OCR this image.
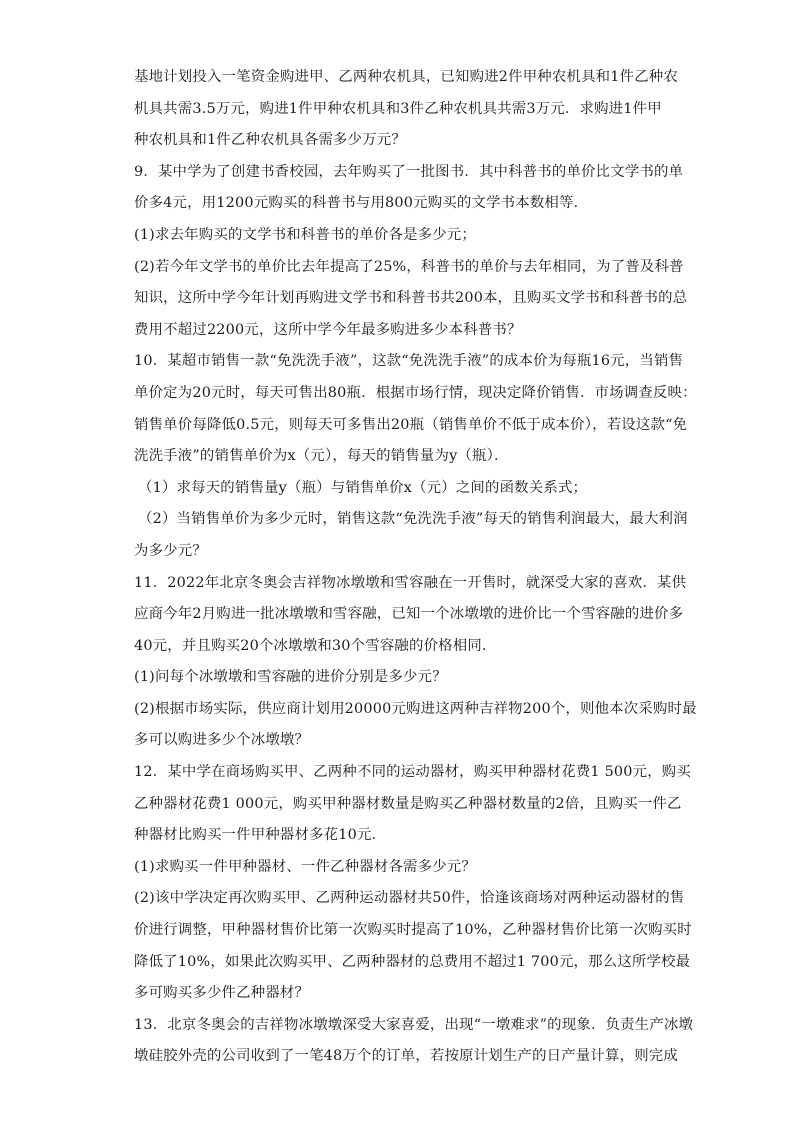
基地计划投入一笔资金购进甲、乙两种农机具，已知购进2件甲种农机具和1件乙种农
机具共需3.5万元，购进1件甲种农机具和3件乙种农机具共需3万元．求购进1件甲
种农机具和1件乙种农机具各需多少万元？
9．某中学为了创建书香校园，去年购买了一批图书．其中科普书的单价比文学书的单
价多4元，用1200元购买的科普书与用800元购买的文学书本数相等．
(1)求去年购买的文学书和科普书的单价各是多少元；
(2)若今年文学书的单价比去年提高了25%，科普书的单价与去年相同，为了普及科普
知识，这所中学今年计划再购进文学书和科普书共200本，且购买文学书和科普书的总
费用不超过2200元，这所中学今年最多购进多少本科普书？
10．某超市销售一款“免洗洗手液”，这款“免洗洗手液”的成本价为每瓶16元，当销售
单价定为20元时，每天可售出80瓶．根据市场行情，现决定降价销售．市场调查反映：
销售单价每降低0.5元，则每天可多售出20瓶（销售单价不低于成本价），若设这款“免
洗洗手液”的销售单价为x（元），每天的销售量为y（瓶）．
（1）求每天的销售量y（瓶）与销售单价x（元）之间的函数关系式；
（2）当销售单价为多少元时，销售这款“免洗洗手液”每天的销售利润最大，最大利润
为多少元？
11．2022年北京冬奥会吉祥物冰墩墩和雪容融在一开售时，就深受大家的喜欢．某供
应商今年2月购进一批冰墩墩和雪容融，已知一个冰墩墩的进价比一个雪容融的进价多
40元，并且购买20个冰墩墩和30个雪容融的价格相同．
(1)问每个冰墩墩和雪容融的进价分别是多少元？
(2)根据市场实际，供应商计划用20000元购进这两种吉祥物200个，则他本次采购时最
多可以购进多少个冰墩墩？
12．某中学在商场购买甲、乙两种不同的运动器材，购买甲种器材花费1 500元，购买
乙种器材花费1 000元，购买甲种器材数量是购买乙种器材数量的2倍，且购买一件乙
种器材比购买一件甲种器材多花10元．
(1)求购买一件甲种器材、一件乙种器材各需多少元？
(2)该中学决定再次购买甲、乙两种运动器材共50件，恰逢该商场对两种运动器材的售
价进行调整，甲种器材售价比第一次购买时提高了10%，乙种器材售价比第一次购买时
降低了10%，如果此次购买甲、乙两种器材的总费用不超过1 700元，那么这所学校最
多可购买多少件乙种器材？
13．北京冬奥会的吉祥物冰墩墩深受大家喜爱，出现“一墩难求”的现象．负责生产冰墩
墩硅胶外壳的公司收到了一笔48万个的订单，若按原计划生产的日产量计算，则完成
